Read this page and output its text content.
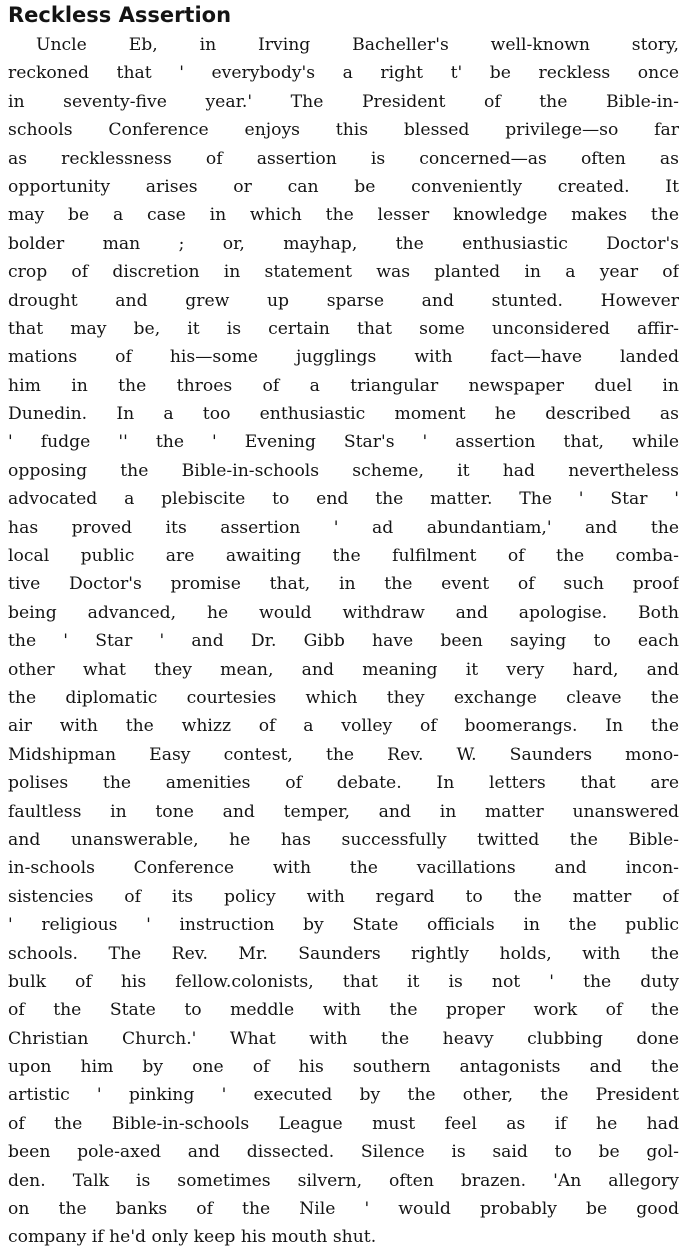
Reckless Assertion
Uncle Eb, in Irving Bacheller's well-known story,
reckoned that ' everybody's a right t' be reckless once
in seventy-five year.' The President of the Bible-in-
schools Conference enjoys this blessed privilege—so far
as recklessness of assertion is concerned—as often as
opportunity arises or can be conveniently created. It
may be a case in which the lesser knowledge makes the
bolder man ; or, mayhap, the enthusiastic Doctor's
crop of discretion in statement was planted in a year of
drought and grew up sparse and stunted. However
that may be, it is certain that some unconsidered affir-
mations of his—some jugglings with fact—have landed
him in the throes of a triangular newspaper duel in
Dunedin. In a too enthusiastic moment he described as
' fudge '' the ' Evening Star's ' assertion that, while
opposing the Bible-in-schools scheme, it had nevertheless
advocated a plebiscite to end the matter. The ' Star '
has proved its assertion ' ad abundantiam,' and the
local public are awaiting the fulfilment of the comba-
tive Doctor's promise that, in the event of such proof
being advanced, he would withdraw and apologise. Both
the ' Star ' and Dr. Gibb have been saying to each
other what they mean, and meaning it very hard, and
the diplomatic courtesies which they exchange cleave the
air with the whizz of a volley of boomerangs. In the
Midshipman Easy contest, the Rev. W. Saunders mono-
polises the amenities of debate. In letters that are
faultless in tone and temper, and in matter unanswered
and unanswerable, he has successfully twitted the Bible-
in-schools Conference with the vacillations and incon-
sistencies of its policy with regard to the matter of
' religious ' instruction by State officials in the public
schools. The Rev. Mr. Saunders rightly holds, with the
bulk of his fellow.colonists, that it is not ' the duty
of the State to meddle with the proper work of the
Christian Church.' What with the heavy clubbing done
upon him by one of his southern antagonists and the
artistic ' pinking ' executed by the other, the President
of the Bible-in-schools League must feel as if he had
been pole-axed and dissected. Silence is said to be gol-
den. Talk is sometimes silvern, often brazen. 'An allegory
on the banks of the Nile ' would probably be good
company if he'd only keep his mouth shut.
